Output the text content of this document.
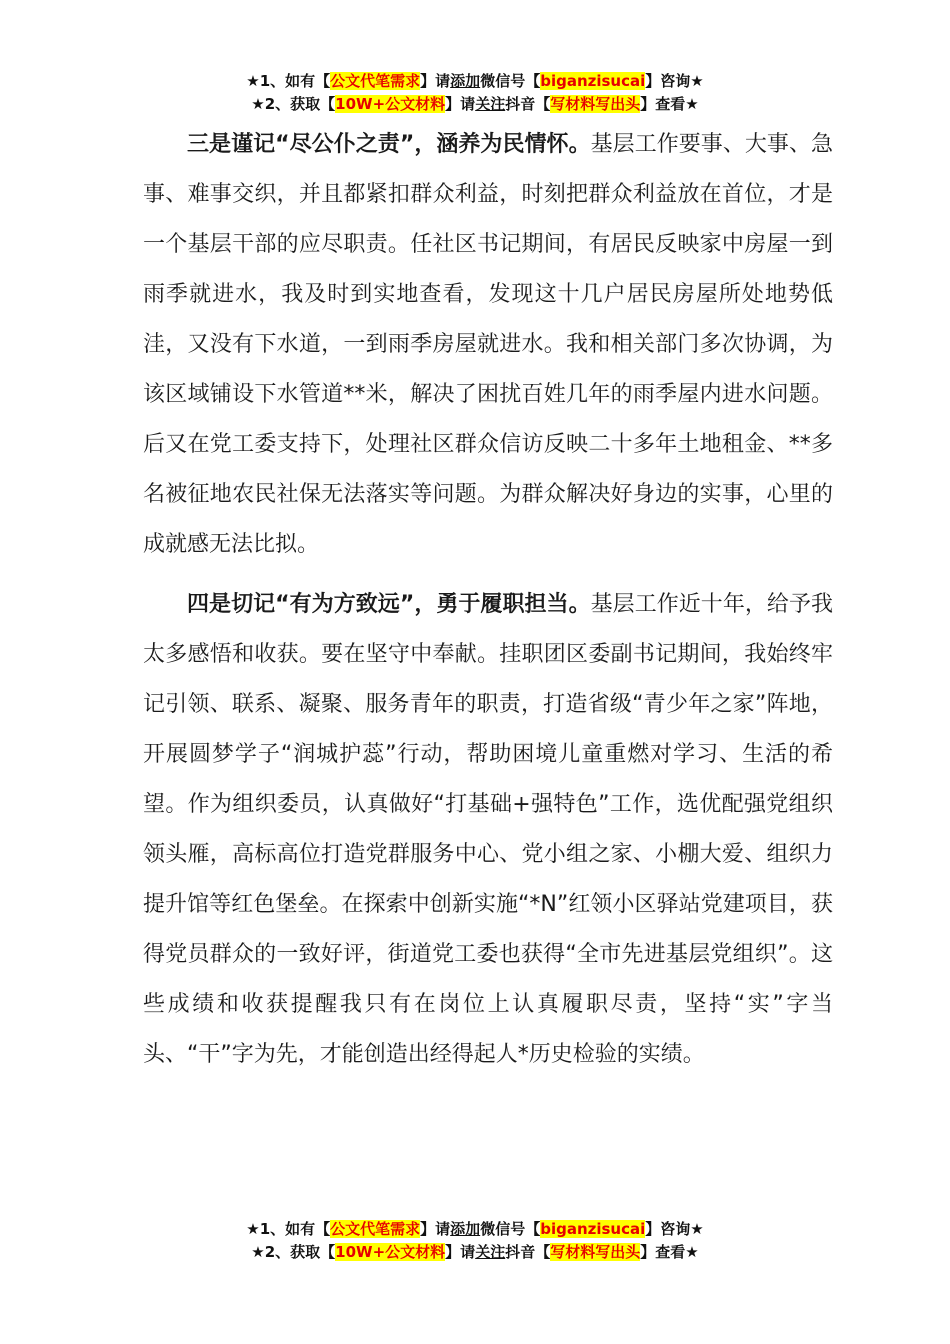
★1、如有【公文代笔需求】请添加微信号【biganzisucai】咨询★
★2、获取【10W+公文材料】请关注抖音【写材料写出头】查看★

三是谨记“尽公仆之责”，涵养为民情怀。基层工作要事、大事、急事、难事交织，并且都紧扣群众利益，时刻把群众利益放在首位，才是一个基层干部的应尽职责。任社区书记期间，有居民反映家中房屋一到雨季就进水，我及时到实地查看，发现这十几户居民房屋所处地势低洼，又没有下水道，一到雨季房屋就进水。我和相关部门多次协调，为该区域铺设下水管道**米，解决了困扰百姓几年的雨季屋内进水问题。后又在党工委支持下，处理社区群众信访反映二十多年土地租金、**多名被征地农民社保无法落实等问题。为群众解决好身边的实事，心里的成就感无法比拟。

四是切记“有为方致远”，勇于履职担当。基层工作近十年，给予我太多感悟和收获。要在坚守中奉献。挂职团区委副书记期间，我始终牢记引领、联系、凝聚、服务青年的职责，打造省级“青少年之家”阵地，开展圆梦学子“润城护蕊”行动，帮助困境儿童重燃对学习、生活的希望。作为组织委员，认真做好“打基础+强特色”工作，选优配强党组织领头雁，高标高位打造党群服务中心、党小组之家、小棚大爱、组织力提升馆等红色堡垒。在探索中创新实施“*N”红领小区驿站党建项目，获得党员群众的一致好评，街道党工委也获得“全市先进基层党组织”。这些成绩和收获提醒我只有在岗位上认真履职尽责，坚持“实”字当头、“干”字为先，才能创造出经得起人*历史检验的实绩。

★1、如有【公文代笔需求】请添加微信号【biganzisucai】咨询★
★2、获取【10W+公文材料】请关注抖音【写材料写出头】查看★
